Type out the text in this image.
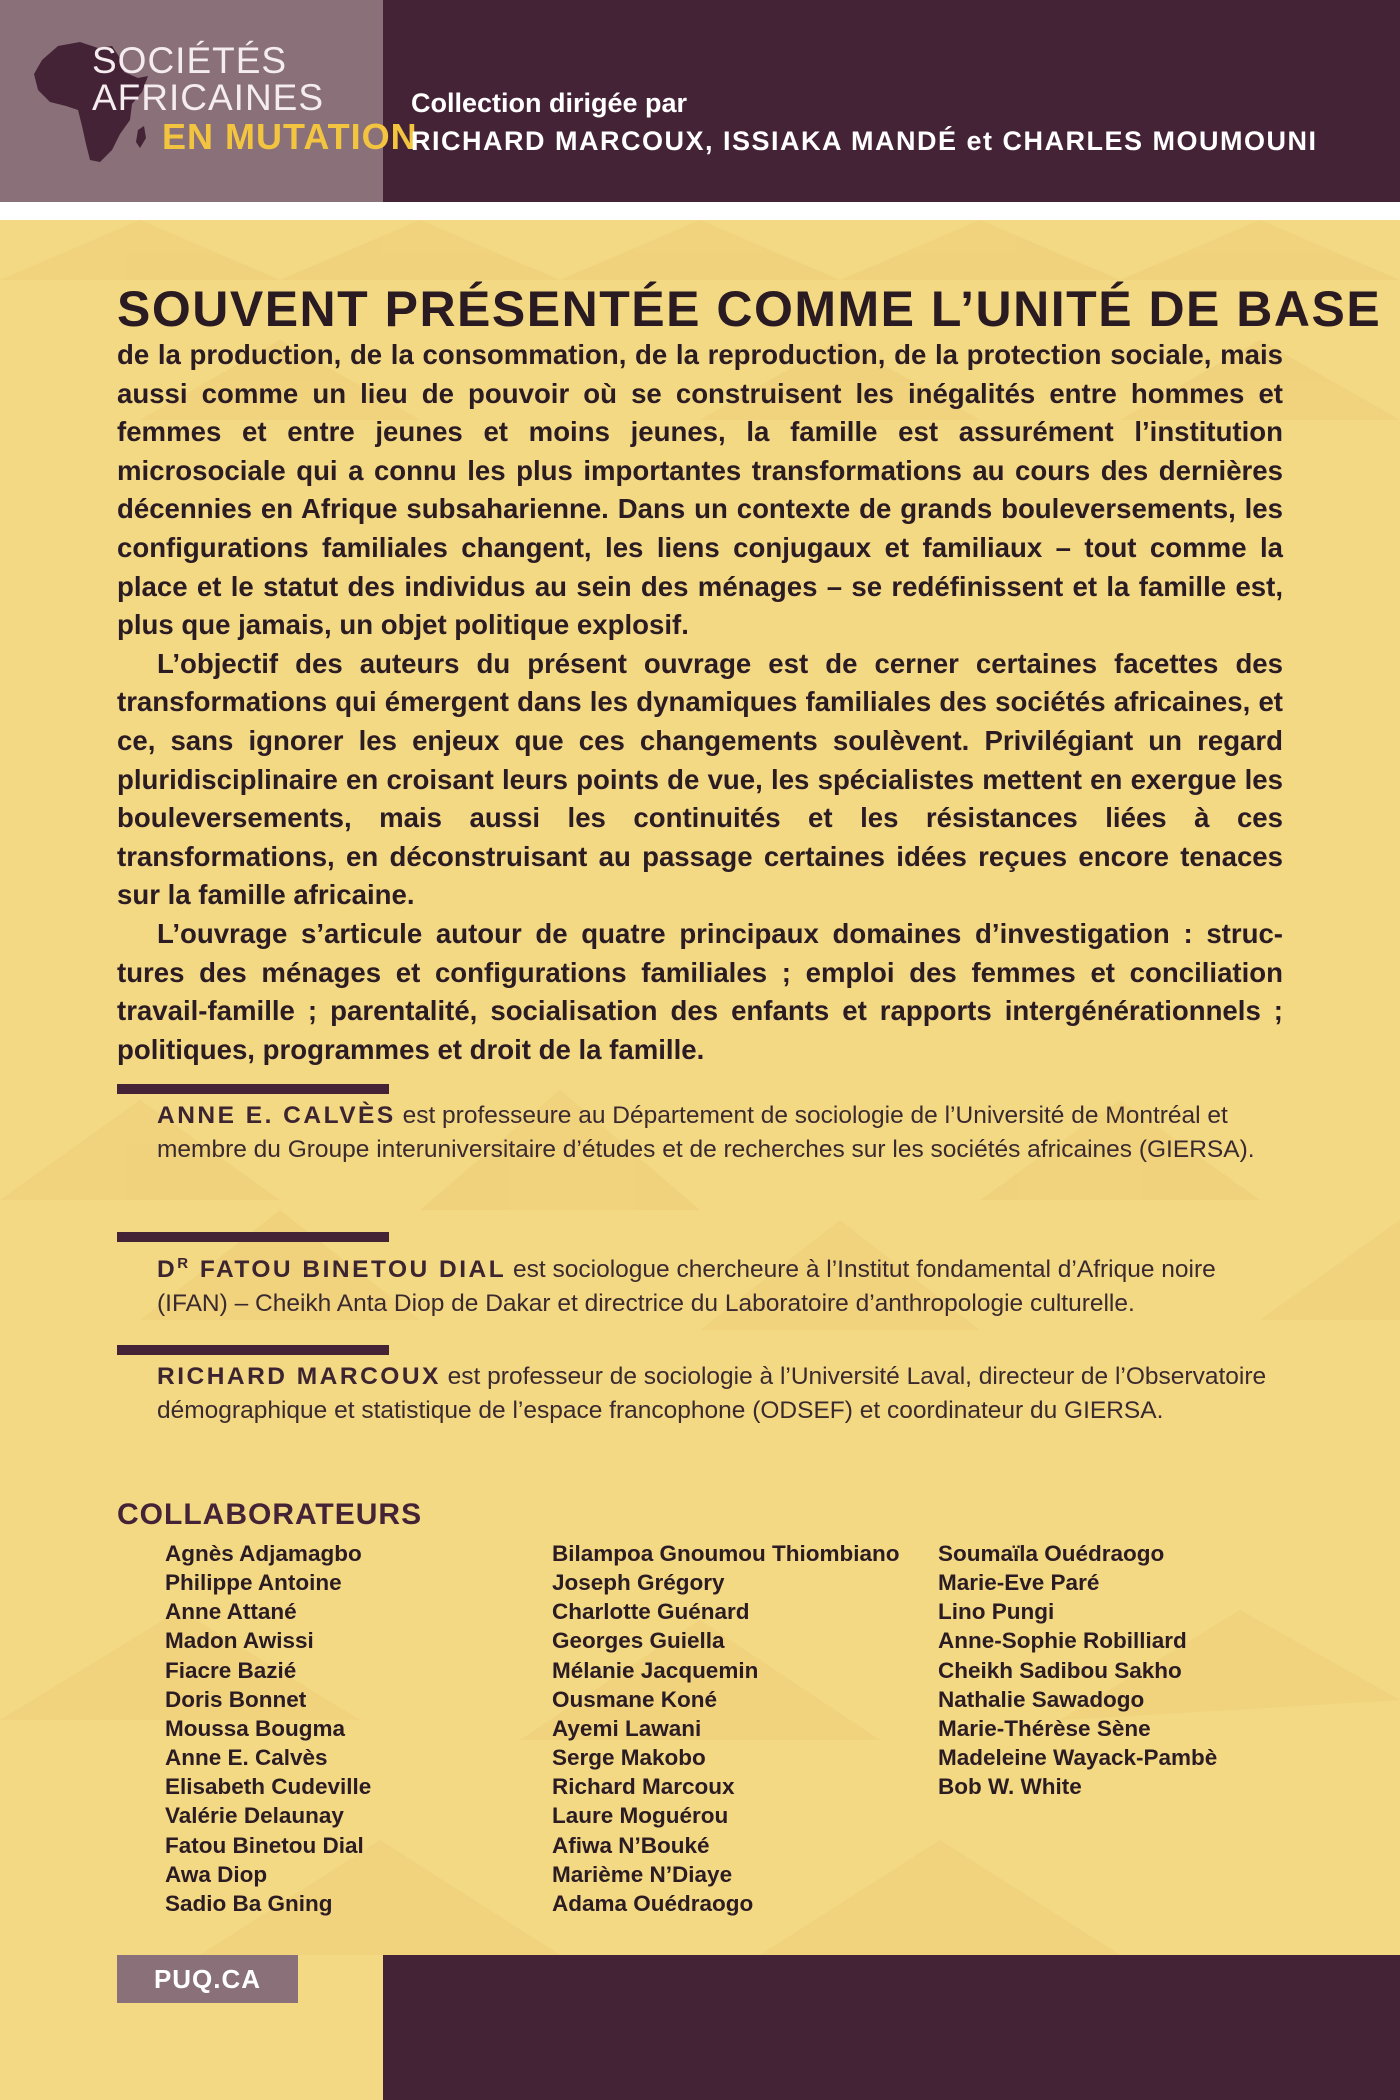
SOCIÉTÉS
AFRICAINES
EN MUTATION
Collection dirigée par
RICHARD MARCOUX, ISSIAKA MANDÉ et CHARLES MOUMOUNI
SOUVENT PRÉSENTÉE COMME L’UNITÉ DE BASE

de la production, de la consommation, de la reproduction, de la protection sociale, mais aussi comme un lieu de pouvoir où se construisent les inégalités entre hommes et femmes et entre jeunes et moins jeunes, la famille est assurément l’institution microsociale qui a connu les plus importantes transformations au cours des dernières décennies en Afrique subsaharienne. Dans un contexte de grands bouleversements, les configurations familiales changent, les liens conjugaux et familiaux – tout comme la place et le statut des individus au sein des ménages – se redéfinissent et la famille est, plus que jamais, un objet politique explosif.

L’objectif des auteurs du présent ouvrage est de cerner certaines facettes des transformations qui émergent dans les dynamiques familiales des sociétés africaines, et ce, sans ignorer les enjeux que ces changements soulèvent. Privilégiant un regard pluridisciplinaire en croisant leurs points de vue, les spécialistes mettent en exergue les bouleversements, mais aussi les continuités et les résistances liées à ces transformations, en déconstruisant au passage certaines idées reçues encore tenaces sur la famille africaine.

L’ouvrage s’articule autour de quatre principaux domaines d’investigation : structures des ménages et configurations familiales ; emploi des femmes et conciliation travail-famille ; parentalité, socialisation des enfants et rapports intergénérationnels ; politiques, programmes et droit de la famille.

ANNE E. CALVÈS est professeure au Département de sociologie de l’Université de Montréal et membre du Groupe interuniversitaire d’études et de recherches sur les sociétés africaines (GIERSA).
$D^R$ FATOU BINETOU DIAL est sociologue chercheure à l’Institut fondamental d’Afrique noire (IFAN) – Cheikh Anta Diop de Dakar et directrice du Laboratoire d’anthropologie culturelle.
RICHARD MARCOUX est professeur de sociologie à l’Université Laval, directeur de l’Observatoire démographique et statistique de l’espace francophone (ODSEF) et coordinateur du GIERSA.
COLLABORATEURS
Agnès Adjamagbo
Philippe Antoine
Anne Attané
Madon Awissi
Fiacre Bazié
Doris Bonnet
Moussa Bougma
Anne E. Calvès
Elisabeth Cudeville
Valérie Delaunay
Fatou Binetou Dial
Awa Diop
Sadio Ba Gning
Bilampoa Gnoumou Thiombiano
Joseph Grégory
Charlotte Guénard
Georges Guiella
Mélanie Jacquemin
Ousmane Koné
Ayemi Lawani
Serge Makobo
Richard Marcoux
Laure Moguérou
Afiwa N’Bouké
Marième N’Diaye
Adama Ouédraogo
Soumaïla Ouédraogo
Marie-Eve Paré
Lino Pungi
Anne-Sophie Robilliard
Cheikh Sadibou Sakho
Nathalie Sawadogo
Marie-Thérèse Sène
Madeleine Wayack-Pambè
Bob W. White
PUQ.CA
